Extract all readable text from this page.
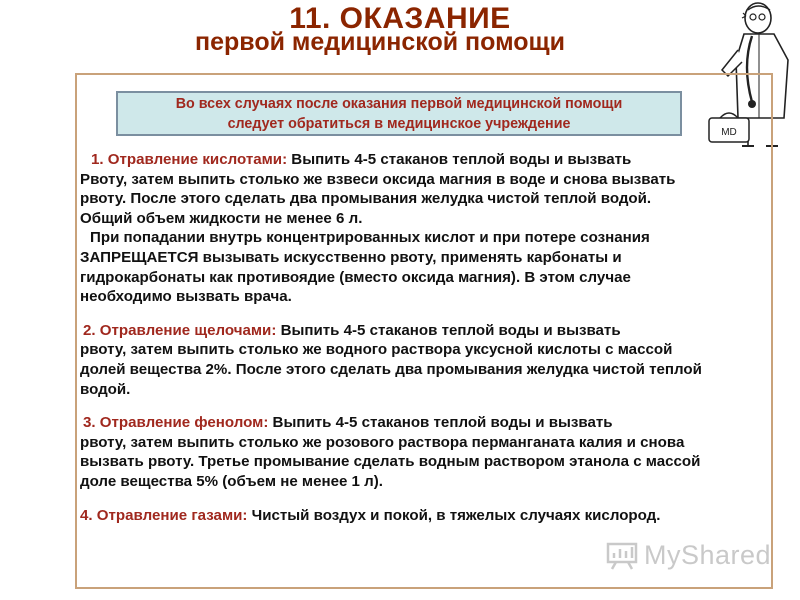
11. ОКАЗАНИЕ
первой медицинской помощи
MD
Во всех случаях после оказания первой медицинской помощи
следует обратиться в медицинское учреждение

1. Отравление кислотами: Выпить 4-5 стаканов теплой воды и вызвать

Рвоту, затем выпить столько же взвеси оксида магния в воде и снова вызвать

рвоту. После этого сделать два промывания желудка чистой теплой водой.

Общий объем жидкости не менее 6 л.

При попадании внутрь концентрированных кислот и при потере сознания

ЗАПРЕЩАЕТСЯ вызывать искусственно рвоту, применять карбонаты и

гидрокарбонаты как противоядие (вместо оксида магния). В этом случае

необходимо вызвать врача.

2. Отравление щелочами: Выпить 4-5 стаканов теплой воды и вызвать

рвоту, затем выпить столько же водного раствора уксусной кислоты с массой

долей вещества 2%. После этого сделать два промывания желудка чистой теплой

водой.

3. Отравление фенолом: Выпить 4-5 стаканов теплой воды и вызвать

рвоту, затем выпить столько же розового раствора перманганата калия и снова

вызвать рвоту. Третье промывание сделать водным раствором этанола с массой

доле вещества 5% (объем не менее 1 л).

4. Отравление газами: Чистый воздух и покой, в тяжелых случаях кислород.

MyShared
